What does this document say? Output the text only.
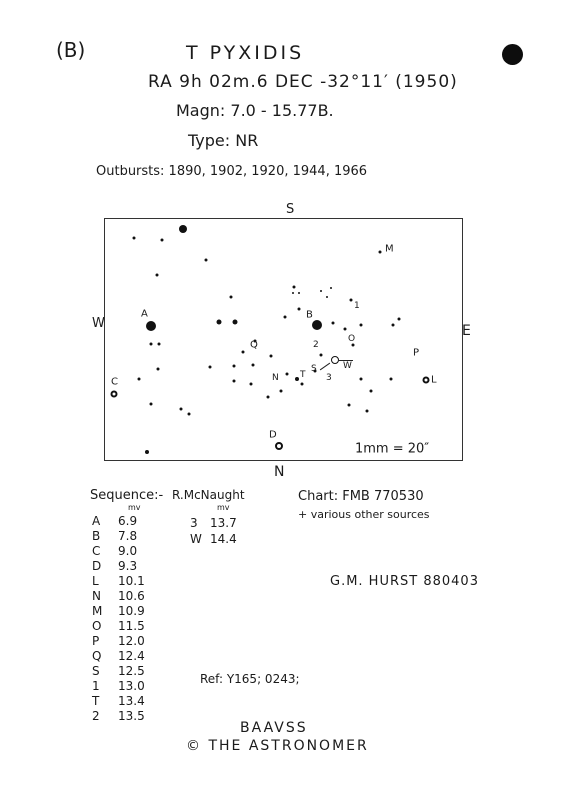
(B)	T PYXIDIS
RA 9h 02m.6 DEC -32°11′ (1950)
Magn: 7.0 - 15.77B.
Type: NR
Outbursts: 1890, 1902, 1920, 1944, 1966
S
N
W	E
A	B
C
D
L
M
N
O
P
Q
S
T
W
1
2
3
1mm = 20″
Sequence:-
mv
R.McNaught
mv
A 6.9
B 7.8
C 9.0
D 9.3
L 10.1
N 10.6
M 10.9
O 11.5
P 12.0
Q 12.4
S 12.5
1 13.0
T 13.4
2 13.5
3 13.7
W 14.4
Chart: FMB 770530
+ various other sources
G.M. HURST 880403
Ref: Y165; 0243;
BAAVSS
© THE ASTRONOMER
